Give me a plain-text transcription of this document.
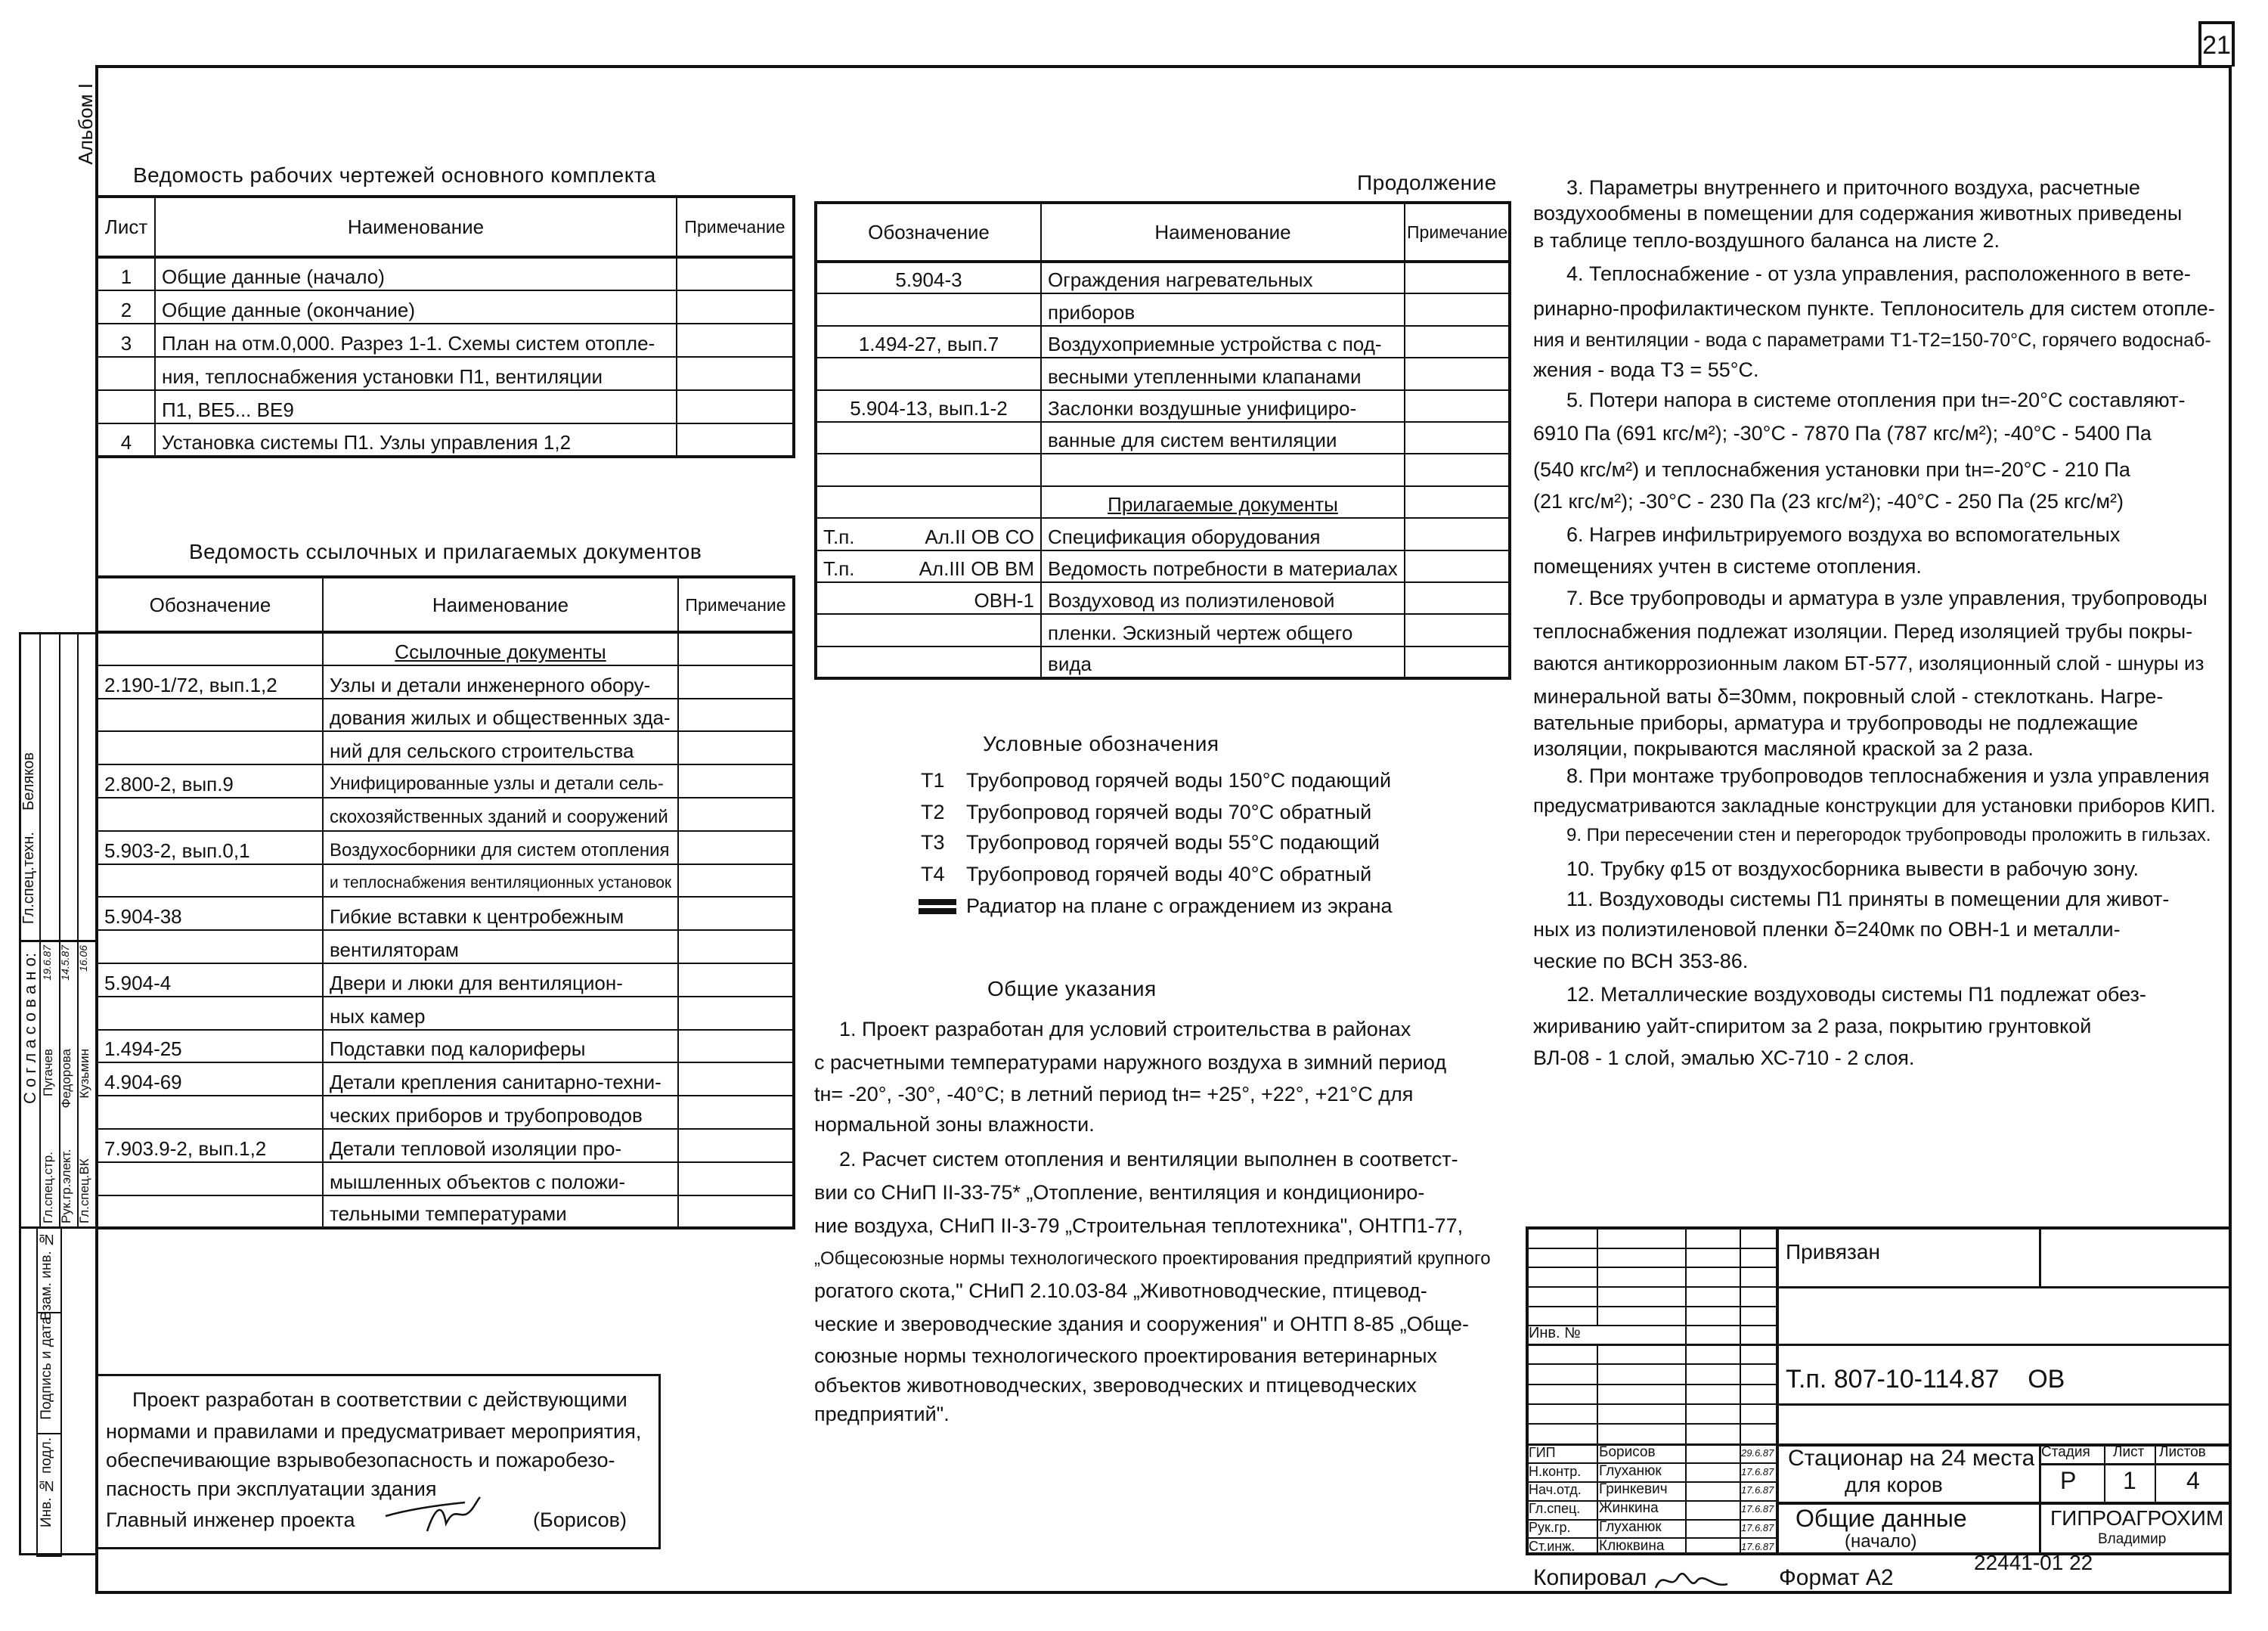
21
Альбом I
Ведомость рабочих чертежей основного комплекта
Ведомость ссылочных и прилагаемых документов
Продолжение
Лист	Наименование	Примечание
1	Общие данные (начало)	
2	Общие данные (окончание)	
3	План на отм.0,000. Разрез 1-1. Схемы систем отопле-	
	ния, теплоснабжения установки П1, вентиляции	
	П1, ВЕ5... ВЕ9	
4	Установка системы П1. Узлы управления 1,2	
Обозначение	Наименование	Примечание
	Ссылочные документы	
2.190-1/72, вып.1,2	Узлы и детали инженерного обору-	
	дования жилых и общественных зда-	
	ний для сельского строительства	
2.800-2, вып.9	Унифицированные узлы и детали сель-	
	скохозяйственных зданий и сооружений	
5.903-2, вып.0,1	Воздухосборники для систем отопления	
	и теплоснабжения вентиляционных установок	
5.904-38	Гибкие вставки к центробежным	
	вентиляторам	
5.904-4	Двери и люки для вентиляцион-	
	ных камер	
1.494-25	Подставки под калориферы	
4.904-69	Детали крепления санитарно-техни-	
	ческих приборов и трубопроводов	
7.903.9-2, вып.1,2	Детали тепловой изоляции про-	
	мышленных объектов с положи-	
	тельными температурами	
Обозначение	Наименование	Примечание
5.904-3	Ограждения нагревательных	
	приборов	
1.494-27, вып.7	Воздухоприемные устройства с под-	
	весными утепленными клапанами	
5.904-13, вып.1-2	Заслонки воздушные унифициро-	
	ванные для систем вентиляции	

	Прилагаемые документы	

Т.п. Ал.II ОВ СО	Спецификация оборудования	

Т.п. Ал.III ОВ ВМ	Ведомость потребности в материалах	
ОВН-1	Воздуховод из полиэтиленовой	
	пленки. Эскизный чертеж общего	
	вида	
Условные обозначения
Т1 Трубопровод горячей воды 150°С подающий
Т2 Трубопровод горячей воды 70°С обратный
Т3 Трубопровод горячей воды 55°С подающий
Т4 Трубопровод горячей воды 40°С обратный
Радиатор на плане с ограждением из экрана
Общие указания
1. Проект разработан для условий строительства в районах
с расчетными температурами наружного воздуха в зимний период
tн= -20°, -30°, -40°С; в летний период tн= +25°, +22°, +21°С для
нормальной зоны влажности.
2. Расчет систем отопления и вентиляции выполнен в соответст-
вии со СНиП II-33-75* „Отопление, вентиляция и кондициониро-
ние воздуха, СНиП II-3-79 „Строительная теплотехника", ОНТП1-77,
„Общесоюзные нормы технологического проектирования предприятий крупного
рогатого скота," СНиП 2.10.03-84 „Животноводческие, птицевод-
ческие и звероводческие здания и сооружения" и ОНТП 8-85 „Обще-
союзные нормы технологического проектирования ветеринарных
объектов животноводческих, звероводческих и птицеводческих
предприятий".
3. Параметры внутреннего и приточного воздуха, расчетные
воздухообмены в помещении для содержания животных приведены
в таблице тепло-воздушного баланса на листе 2.
4. Теплоснабжение - от узла управления, расположенного в вете-
ринарно-профилактическом пункте. Теплоноситель для систем отопле-
ния и вентиляции - вода с параметрами Т1-Т2=150-70°С, горячего водоснаб-
жения - вода Т3 = 55°С.
5. Потери напора в системе отопления при tн=-20°С составляют-
6910 Па (691 кгс/м²); -30°С - 7870 Па (787 кгс/м²); -40°С - 5400 Па
(540 кгс/м²) и теплоснабжения установки при tн=-20°С - 210 Па
(21 кгс/м²); -30°С - 230 Па (23 кгс/м²); -40°С - 250 Па (25 кгс/м²)
6. Нагрев инфильтрируемого воздуха во вспомогательных
помещениях учтен в системе отопления.
7. Все трубопроводы и арматура в узле управления, трубопроводы
теплоснабжения подлежат изоляции. Перед изоляцией трубы покры-
ваются антикоррозионным лаком БТ-577, изоляционный слой - шнуры из
минеральной ваты δ=30мм, покровный слой - стеклоткань. Нагре-
вательные приборы, арматура и трубопроводы не подлежащие
изоляции, покрываются масляной краской за 2 раза.
8. При монтаже трубопроводов теплоснабжения и узла управления
предусматриваются закладные конструкции для установки приборов КИП.
9. При пересечении стен и перегородок трубопроводы проложить в гильзах.
10. Трубку φ15 от воздухосборника вывести в рабочую зону.
11. Воздуховоды системы П1 приняты в помещении для живот-
ных из полиэтиленовой пленки δ=240мк по ОВН-1 и металли-
ческие по ВСН 353-86.
12. Металлические воздуховоды системы П1 подлежат обез-
жириванию уайт-спиритом за 2 раза, покрытию грунтовкой
ВЛ-08 - 1 слой, эмалью ХС-710 - 2 слоя.
Проект разработан в соответствии с действующими
нормами и правилами и предусматривает мероприятия,
обеспечивающие взрывобезопасность и пожаробезо-
пасность при эксплуатации здания
Главный инженер проекта	(Борисов)
Гл.спец.техн.
Беляков
С о г л а с о в а н о:
Гл.спец.стр.
Пугачев
19.6.87
Рук.гр.элект.
Федорова
14.5.87
Гл.спец.ВК
Кузьмин
16.06
Взам. инв. №
Подпись и дата
Инв. № подл.
Привязан
Инв. №
Т.п. 807-10-114.87    ОВ
ГИП	Борисов	29.6.87
Н.контр.	Глуханюк	17.6.87
Нач.отд.	Гринкевич	17.6.87
Гл.спец.	Жинкина	17.6.87
Рук.гр.	Глуханюк	17.6.87
Ст.инж.	Клюквина	17.6.87
Стационар на 24 места
для коров
Общие данные
(начало)
Стадия Лист Листов
Р 1 4
ГИПРОАГРОХИМ
Владимир
Копировал	Формат А2
22441-01 22
